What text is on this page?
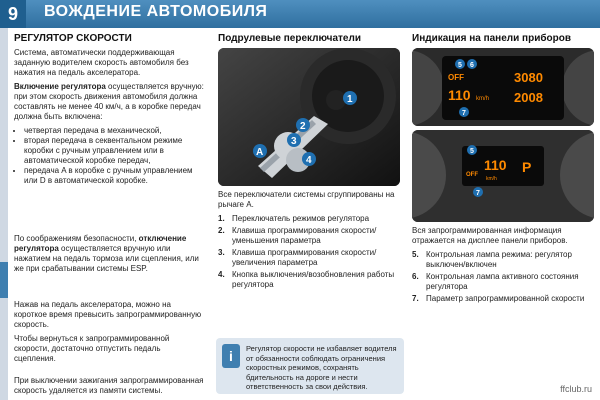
9	ВОЖДЕНИЕ АВТОМОБИЛЯ
РЕГУЛЯТОР СКОРОСТИ

Система, автоматически поддерживающая заданную водителем скорость автомобиля без нажатия на педаль акселератора.

Включение регулятора осуществляется вручную: при этом скорость движения автомобиля должна составлять не менее 40 км/ч, а в коробке передач должна быть включена:

• четвертая передача в механической,
• вторая передача в секвентальном режиме коробки с ручным управлением или в автоматической коробке передач,
• передача A в коробке с ручным управлением или D в автоматической коробке.

По соображениям безопасности, отключение регулятора осуществляется вручную или нажатием на педаль тормоза или сцепления, или же при срабатывании системы ESP.

Нажав на педаль акселератора, можно на короткое время превысить запрограммированную скорость.

Чтобы вернуться к запрограммированной скорости, достаточно отпустить педаль сцепления.

При выключении зажигания запрограммированная скорость удаляется из памяти системы.

Подрулевые переключатели
1
2
3
4
A

Все переключатели системы сгруппированы на рычаге A.

1. Переключатель режимов регулятора
2. Клавиша программирования скорости/уменьшения параметра
3. Клавиша программирования скорости/увеличения параметра
4. Кнопка выключения/возобновления работы регулятора
Индикация на панели приборов
OFF
110 km/h
3080
2008
5 6
7
OFF
110
km/h
P
5
7

Вся запрограммированная информация отражается на дисплее панели приборов.

5. Контрольная лампа режима: регулятор выключен/включен
6. Контрольная лампа активного состояния регулятора
7. Параметр запрограммированной скорости
i	Регулятор скорости не избавляет водителя от обязанности соблюдать ограничения скоростных режимов, сохранять бдительность на дороге и нести ответственность за свои действия.	ffclub.ru
